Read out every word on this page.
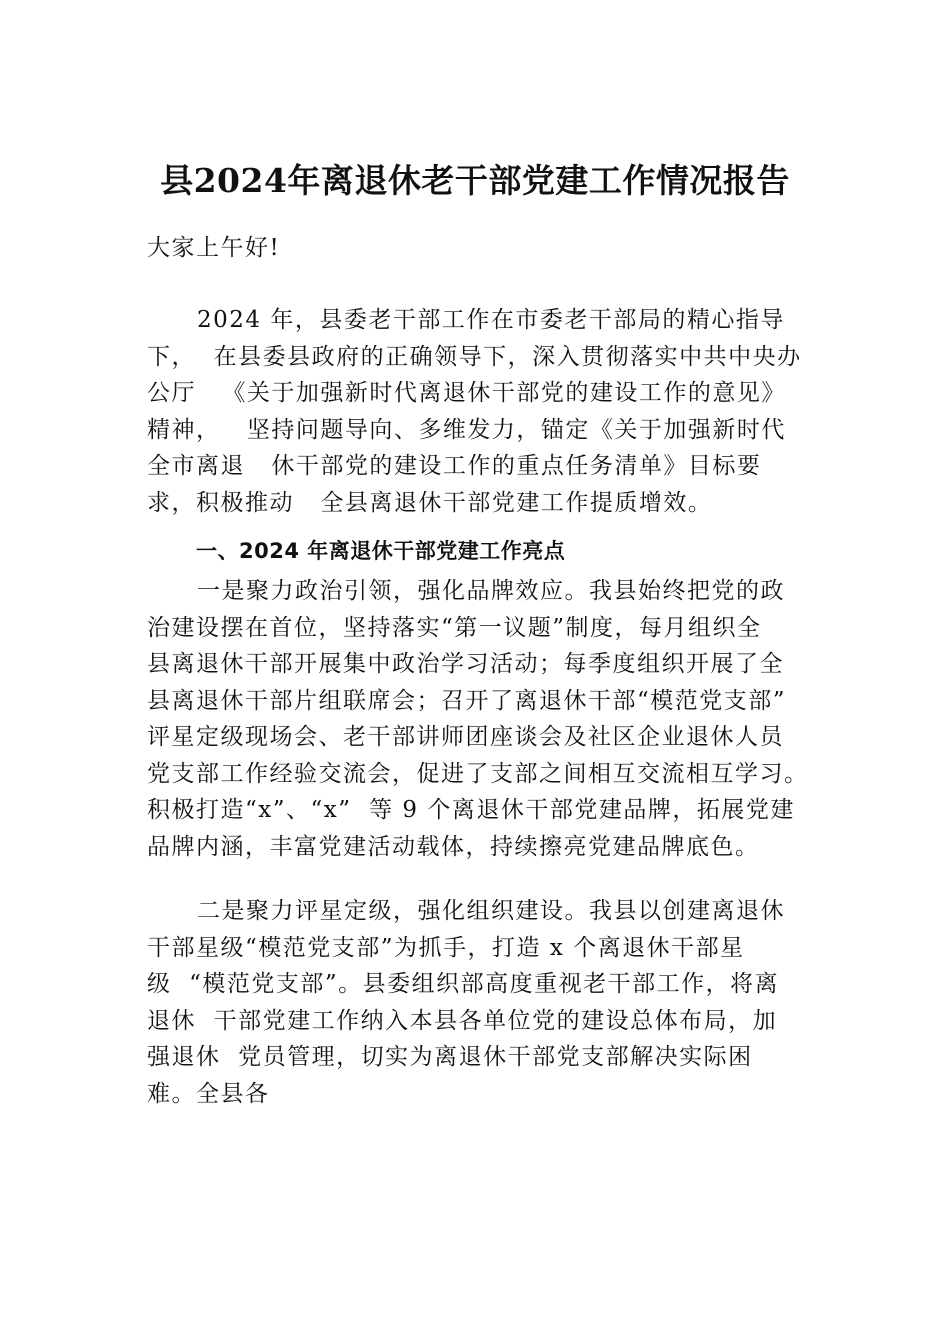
县2024年离退休老干部党建工作情况报告
大家上午好!
2024 年，县委老干部工作在市委老干部局的精心指导
下，  在县委县政府的正确领导下，深入贯彻落实中共中央办
公厅   《关于加强新时代离退休干部党的建设工作的意见》
精神，   坚持问题导向、多维发力，锚定《关于加强新时代
全市离退   休干部党的建设工作的重点任务清单》目标要
求，积极推动   全县离退休干部党建工作提质增效。
一、2024 年离退休干部党建工作亮点
一是聚力政治引领，强化品牌效应。我县始终把党的政
治建设摆在首位，坚持落实“第一议题”制度，每月组织全
县离退休干部开展集中政治学习活动；每季度组织开展了全
县离退休干部片组联席会；召开了离退休干部“模范党支部”
评星定级现场会、老干部讲师团座谈会及社区企业退休人员
党支部工作经验交流会，促进了支部之间相互交流相互学习。
积极打造“x”、“x”  等 9 个离退休干部党建品牌，拓展党建
品牌内涵，丰富党建活动载体，持续擦亮党建品牌底色。
二是聚力评星定级，强化组织建设。我县以创建离退休
干部星级“模范党支部”为抓手，打造 x 个离退休干部星
级  “模范党支部”。县委组织部高度重视老干部工作，将离
退休  干部党建工作纳入本县各单位党的建设总体布局，加
强退休  党员管理，切实为离退休干部党支部解决实际困
难。全县各
